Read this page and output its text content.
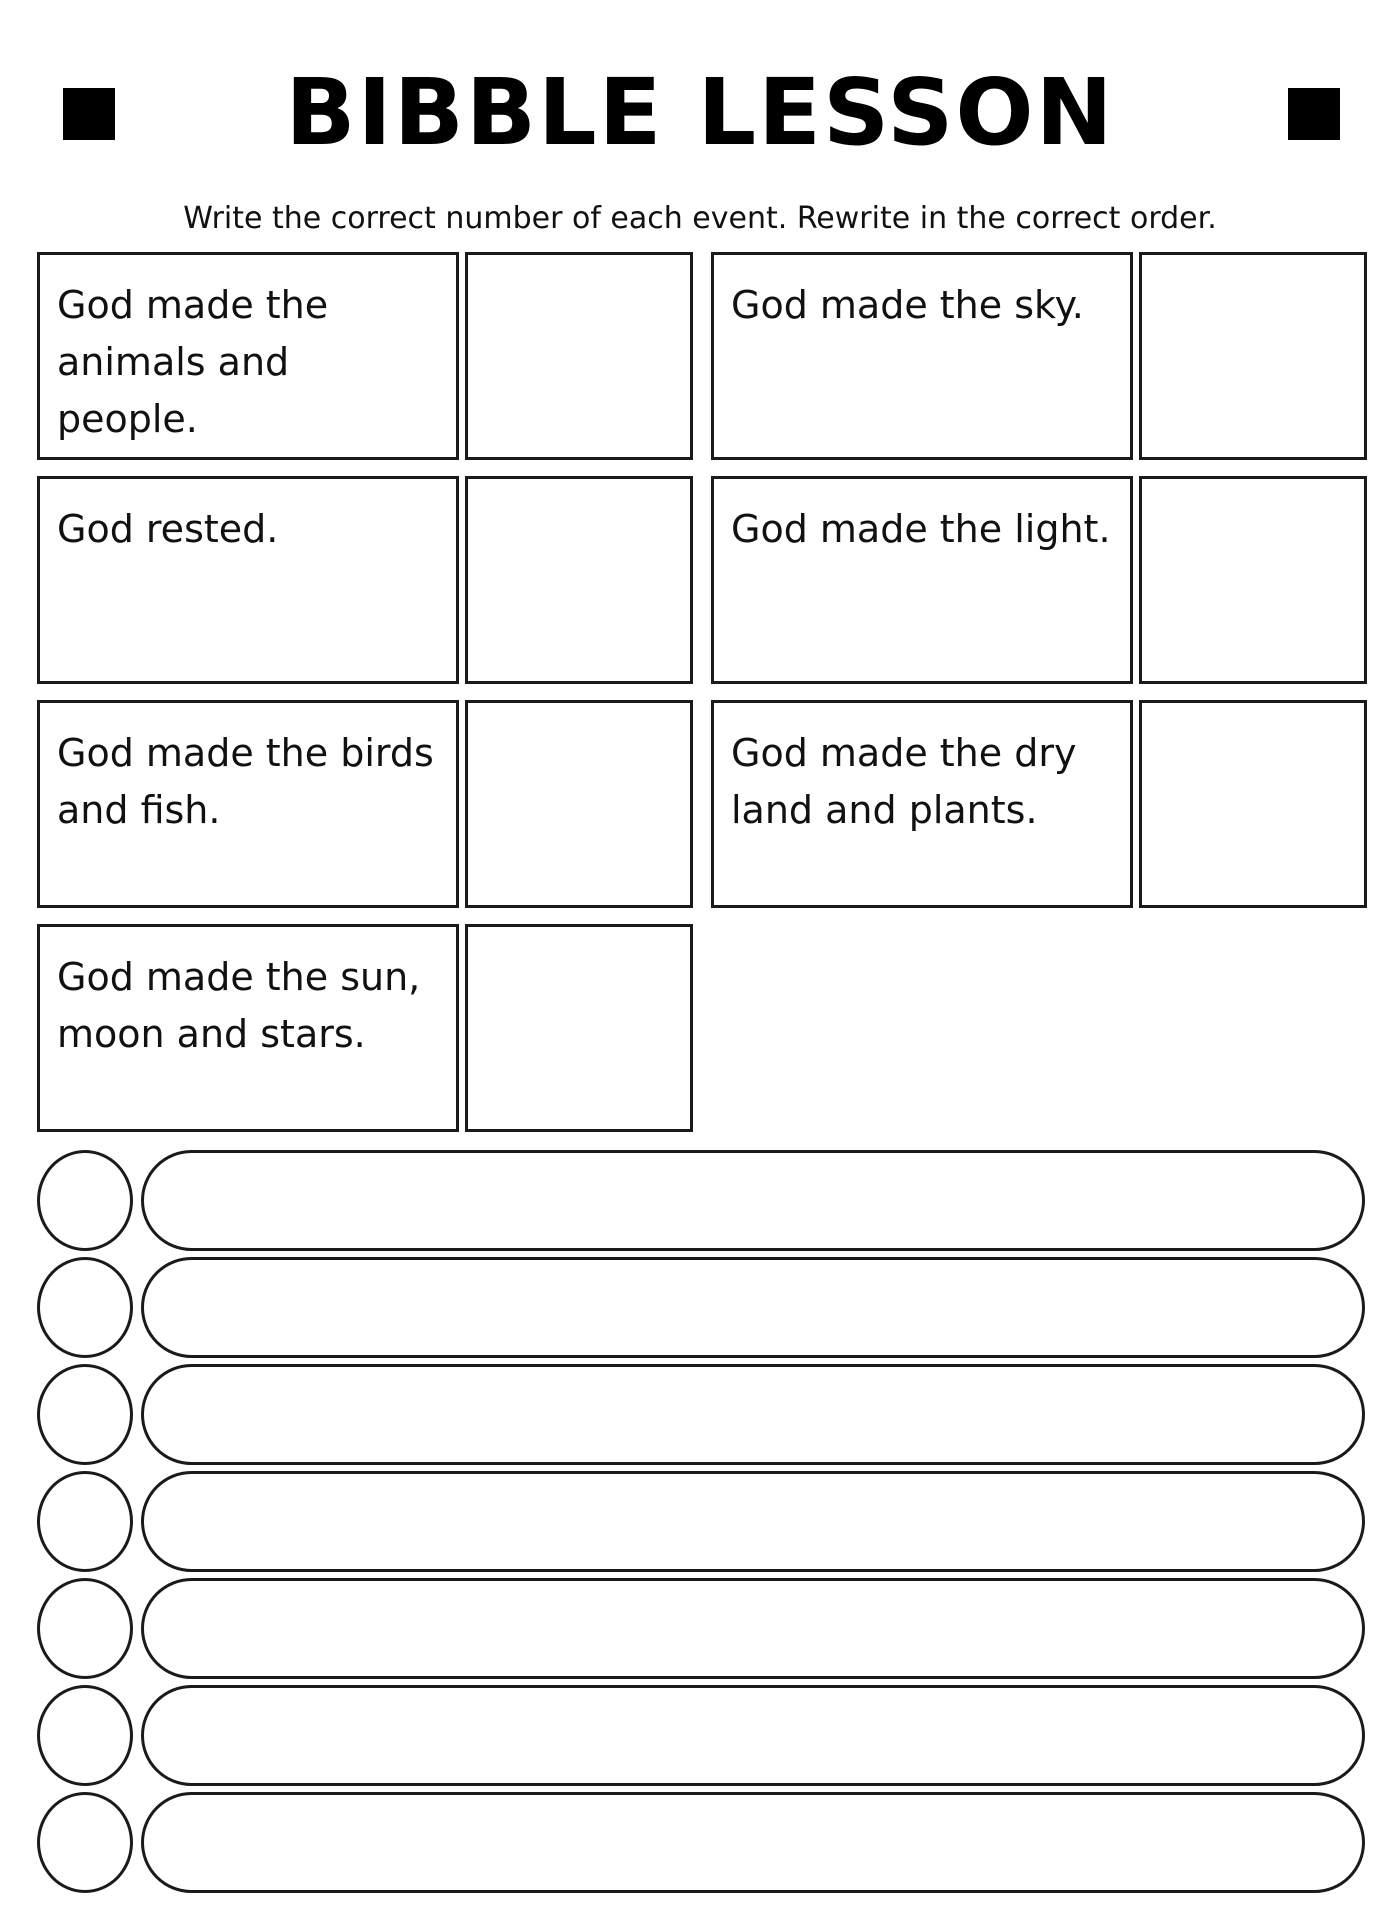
BIBBLE LESSON
Write the correct number of each event. Rewrite in the correct order.
God made the animals and people.
God made the sky.
God rested.	God made the light.
God made the birds and fish.
God made the dry land and plants.
God made the sun, moon and stars.
